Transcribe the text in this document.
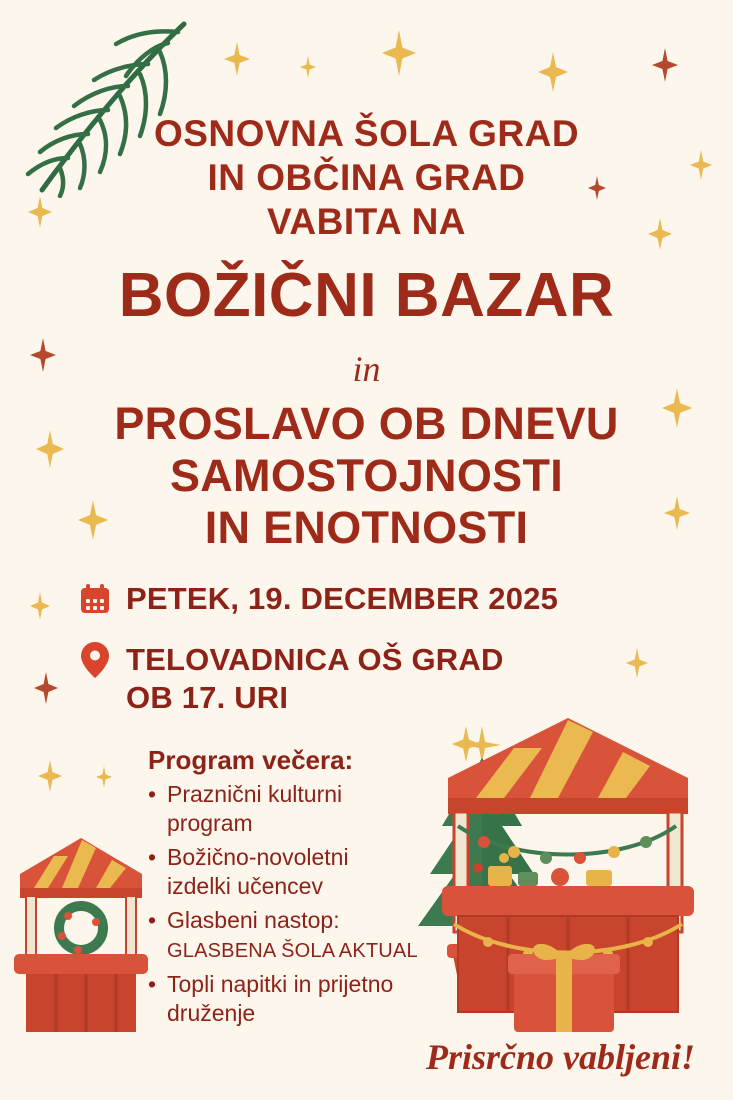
OSNOVNA ŠOLA GRAD
IN OBČINA GRAD
VABITA NA
BOŽIČNI BAZAR
in
PROSLAVO OB DNEVU
SAMOSTOJNOSTI
IN ENOTNOSTI
PETEK, 19. DECEMBER 2025
TELOVADNICA OŠ GRAD
OB 17. URI
Program večera:
• Praznični kulturni program
• Božično-novoletni izdelki učencev
• Glasbeni nastop:
GLASBENA ŠOLA AKTUAL
• Topli napitki in prijetno druženje
Prisrčno vabljeni!
